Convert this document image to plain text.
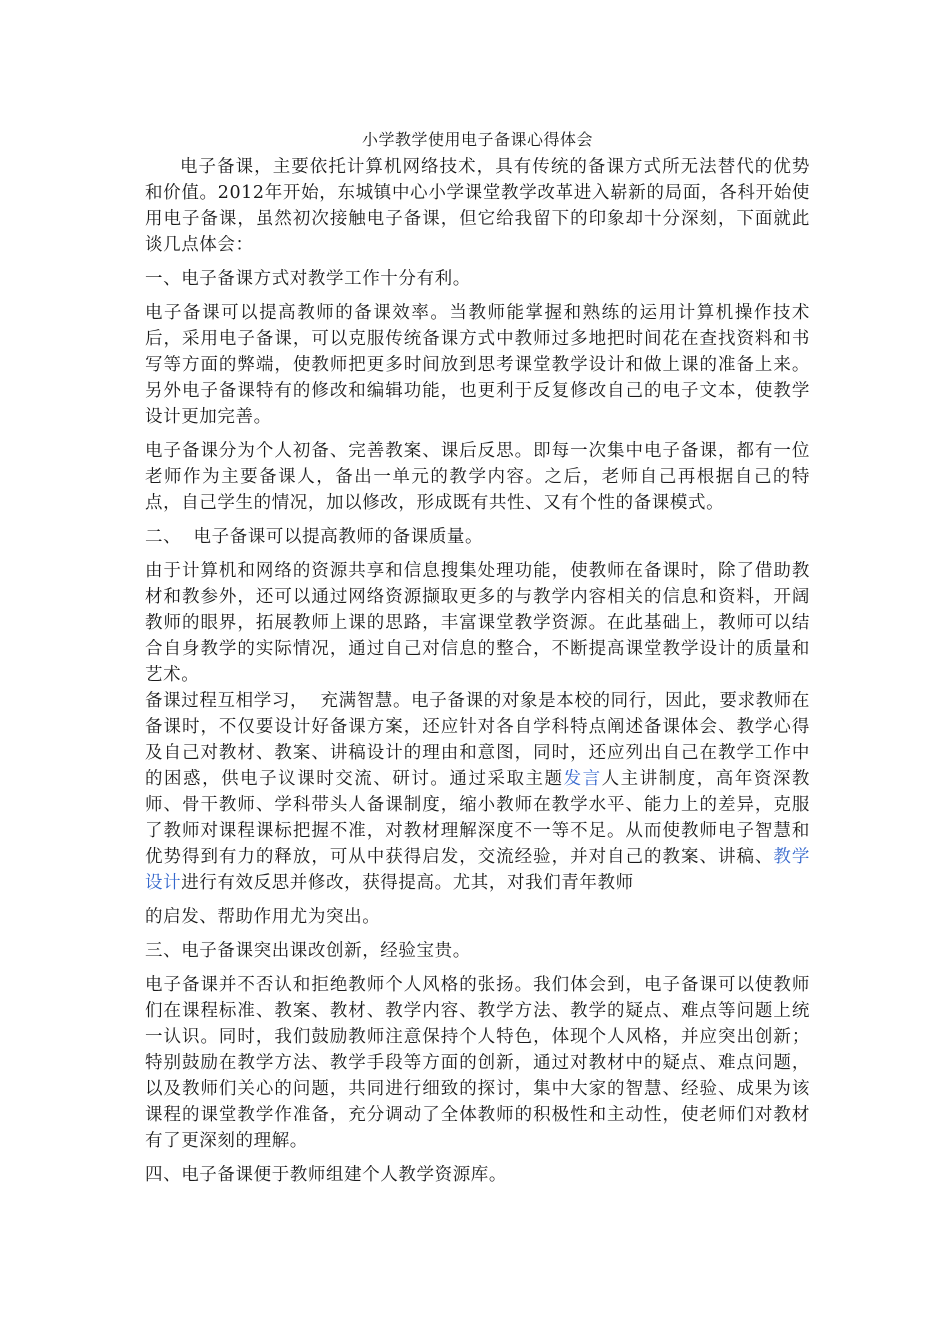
小学教学使用电子备课心得体会

电子备课，主要依托计算机网络技术，具有传统的备课方式所无法替代的优势和价值。2012年开始，东城镇中心小学课堂教学改革进入崭新的局面，各科开始使用电子备课，虽然初次接触电子备课，但它给我留下的印象却十分深刻，下面就此谈几点体会：

一、电子备课方式对教学工作十分有利。

电子备课可以提高教师的备课效率。当教师能掌握和熟练的运用计算机操作技术后，采用电子备课，可以克服传统备课方式中教师过多地把时间花在查找资料和书写等方面的弊端，使教师把更多时间放到思考课堂教学设计和做上课的准备上来。另外电子备课特有的修改和编辑功能，也更利于反复修改自己的电子文本，使教学设计更加完善。

电子备课分为个人初备、完善教案、课后反思。即每一次集中电子备课，都有一位老师作为主要备课人，备出一单元的教学内容。之后，老师自己再根据自己的特点，自己学生的情况，加以修改，形成既有共性、又有个性的备课模式。

二、  电子备课可以提高教师的备课质量。

由于计算机和网络的资源共享和信息搜集处理功能，使教师在备课时，除了借助教材和教参外，还可以通过网络资源撷取更多的与教学内容相关的信息和资料，开阔教师的眼界，拓展教师上课的思路，丰富课堂教学资源。在此基础上，教师可以结合自身教学的实际情况，通过自己对信息的整合，不断提高课堂教学设计的质量和艺术。

备课过程互相学习，  充满智慧。电子备课的对象是本校的同行，因此，要求教师在备课时，不仅要设计好备课方案，还应针对各自学科特点阐述备课体会、教学心得及自己对教材、教案、讲稿设计的理由和意图，同时，还应列出自己在教学工作中的困惑，供电子议课时交流、研讨。通过采取主题发言人主讲制度，高年资深教师、骨干教师、学科带头人备课制度，缩小教师在教学水平、能力上的差异，克服了教师对课程课标把握不准，对教材理解深度不一等不足。从而使教师电子智慧和优势得到有力的释放，可从中获得启发，交流经验，并对自己的教案、讲稿、教学设计进行有效反思并修改，获得提高。尤其，对我们青年教师

的启发、帮助作用尤为突出。

三、电子备课突出课改创新，经验宝贵。

电子备课并不否认和拒绝教师个人风格的张扬。我们体会到，电子备课可以使教师们在课程标准、教案、教材、教学内容、教学方法、教学的疑点、难点等问题上统一认识。同时，我们鼓励教师注意保持个人特色，体现个人风格，并应突出创新；特别鼓励在教学方法、教学手段等方面的创新，通过对教材中的疑点、难点问题，以及教师们关心的问题，共同进行细致的探讨，集中大家的智慧、经验、成果为该课程的课堂教学作准备，充分调动了全体教师的积极性和主动性，使老师们对教材有了更深刻的理解。

四、电子备课便于教师组建个人教学资源库。
